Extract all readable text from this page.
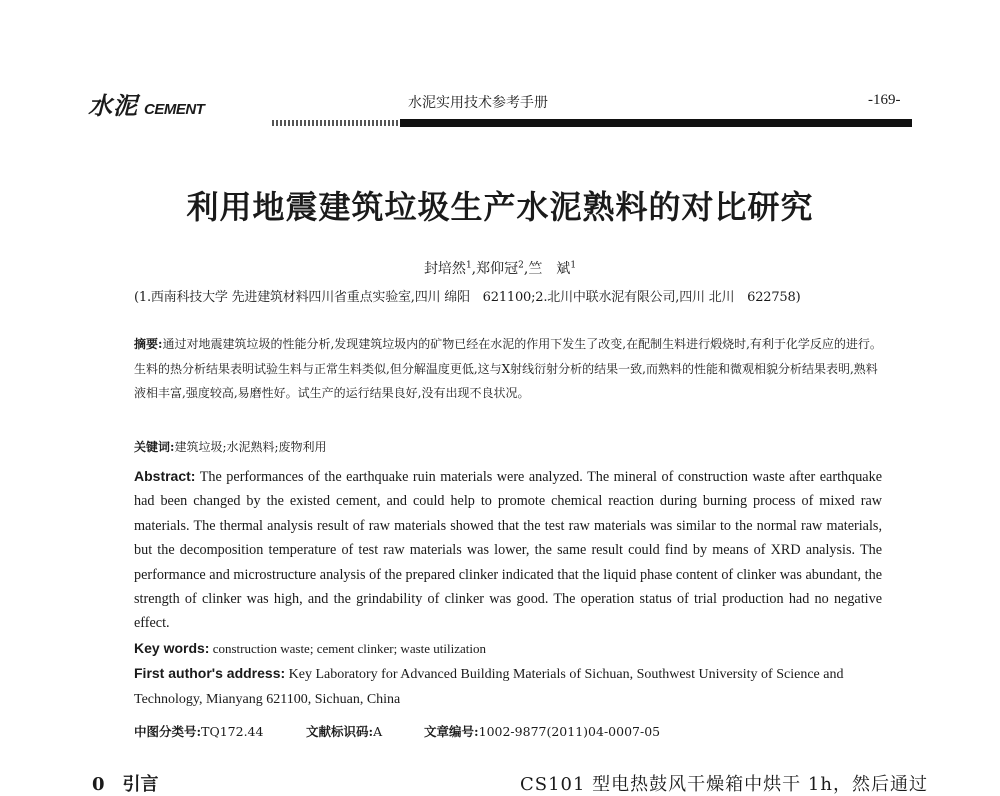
水泥 CEMENT	水泥实用技术参考手册	-169-
利用地震建筑垃圾生产水泥熟料的对比研究
封培然$^1$,郑仰冠$^2$,竺　斌$^1$
(1.西南科技大学 先进建筑材料四川省重点实验室,四川 绵阳　621100;2.北川中联水泥有限公司,四川 北川　622758)
摘要:通过对地震建筑垃圾的性能分析,发现建筑垃圾内的矿物已经在水泥的作用下发生了改变,在配制生料进行煅烧时,有利于化学反应的进行。生料的热分析结果表明试验生料与正常生料类似,但分解温度更低,这与X射线衍射分析的结果一致,而熟料的性能和微观相貌分析结果表明,熟料液相丰富,强度较高,易磨性好。试生产的运行结果良好,没有出现不良状况。
关键词:建筑垃圾;水泥熟料;废物利用
Abstract: The performances of the earthquake ruin materials were analyzed. The mineral of construction waste after earthquake had been changed by the existed cement, and could help to promote chemical reaction during burning process of mixed raw materials. The thermal analysis result of raw materials showed that the test raw materials was similar to the normal raw materials, but the decomposition temperature of test raw materials was lower, the same result could find by means of XRD analysis. The performance and microstructure analysis of the prepared clinker indicated that the liquid phase content of clinker was abundant, the strength of clinker was high, and the grindability of clinker was good. The operation status of trial production had no negative effect.
Key words: construction waste; cement clinker; waste utilization
First author's address: Key Laboratory for Advanced Building Materials of Sichuan, Southwest University of Science and Technology, Mianyang 621100, Sichuan, China
中图分类号:TQ172.44	文献标识码:A	文章编号:1002-9877(2011)04-0007-05
0　引言	CS101 型电热鼓风干燥箱中烘干 1h，然后通过
